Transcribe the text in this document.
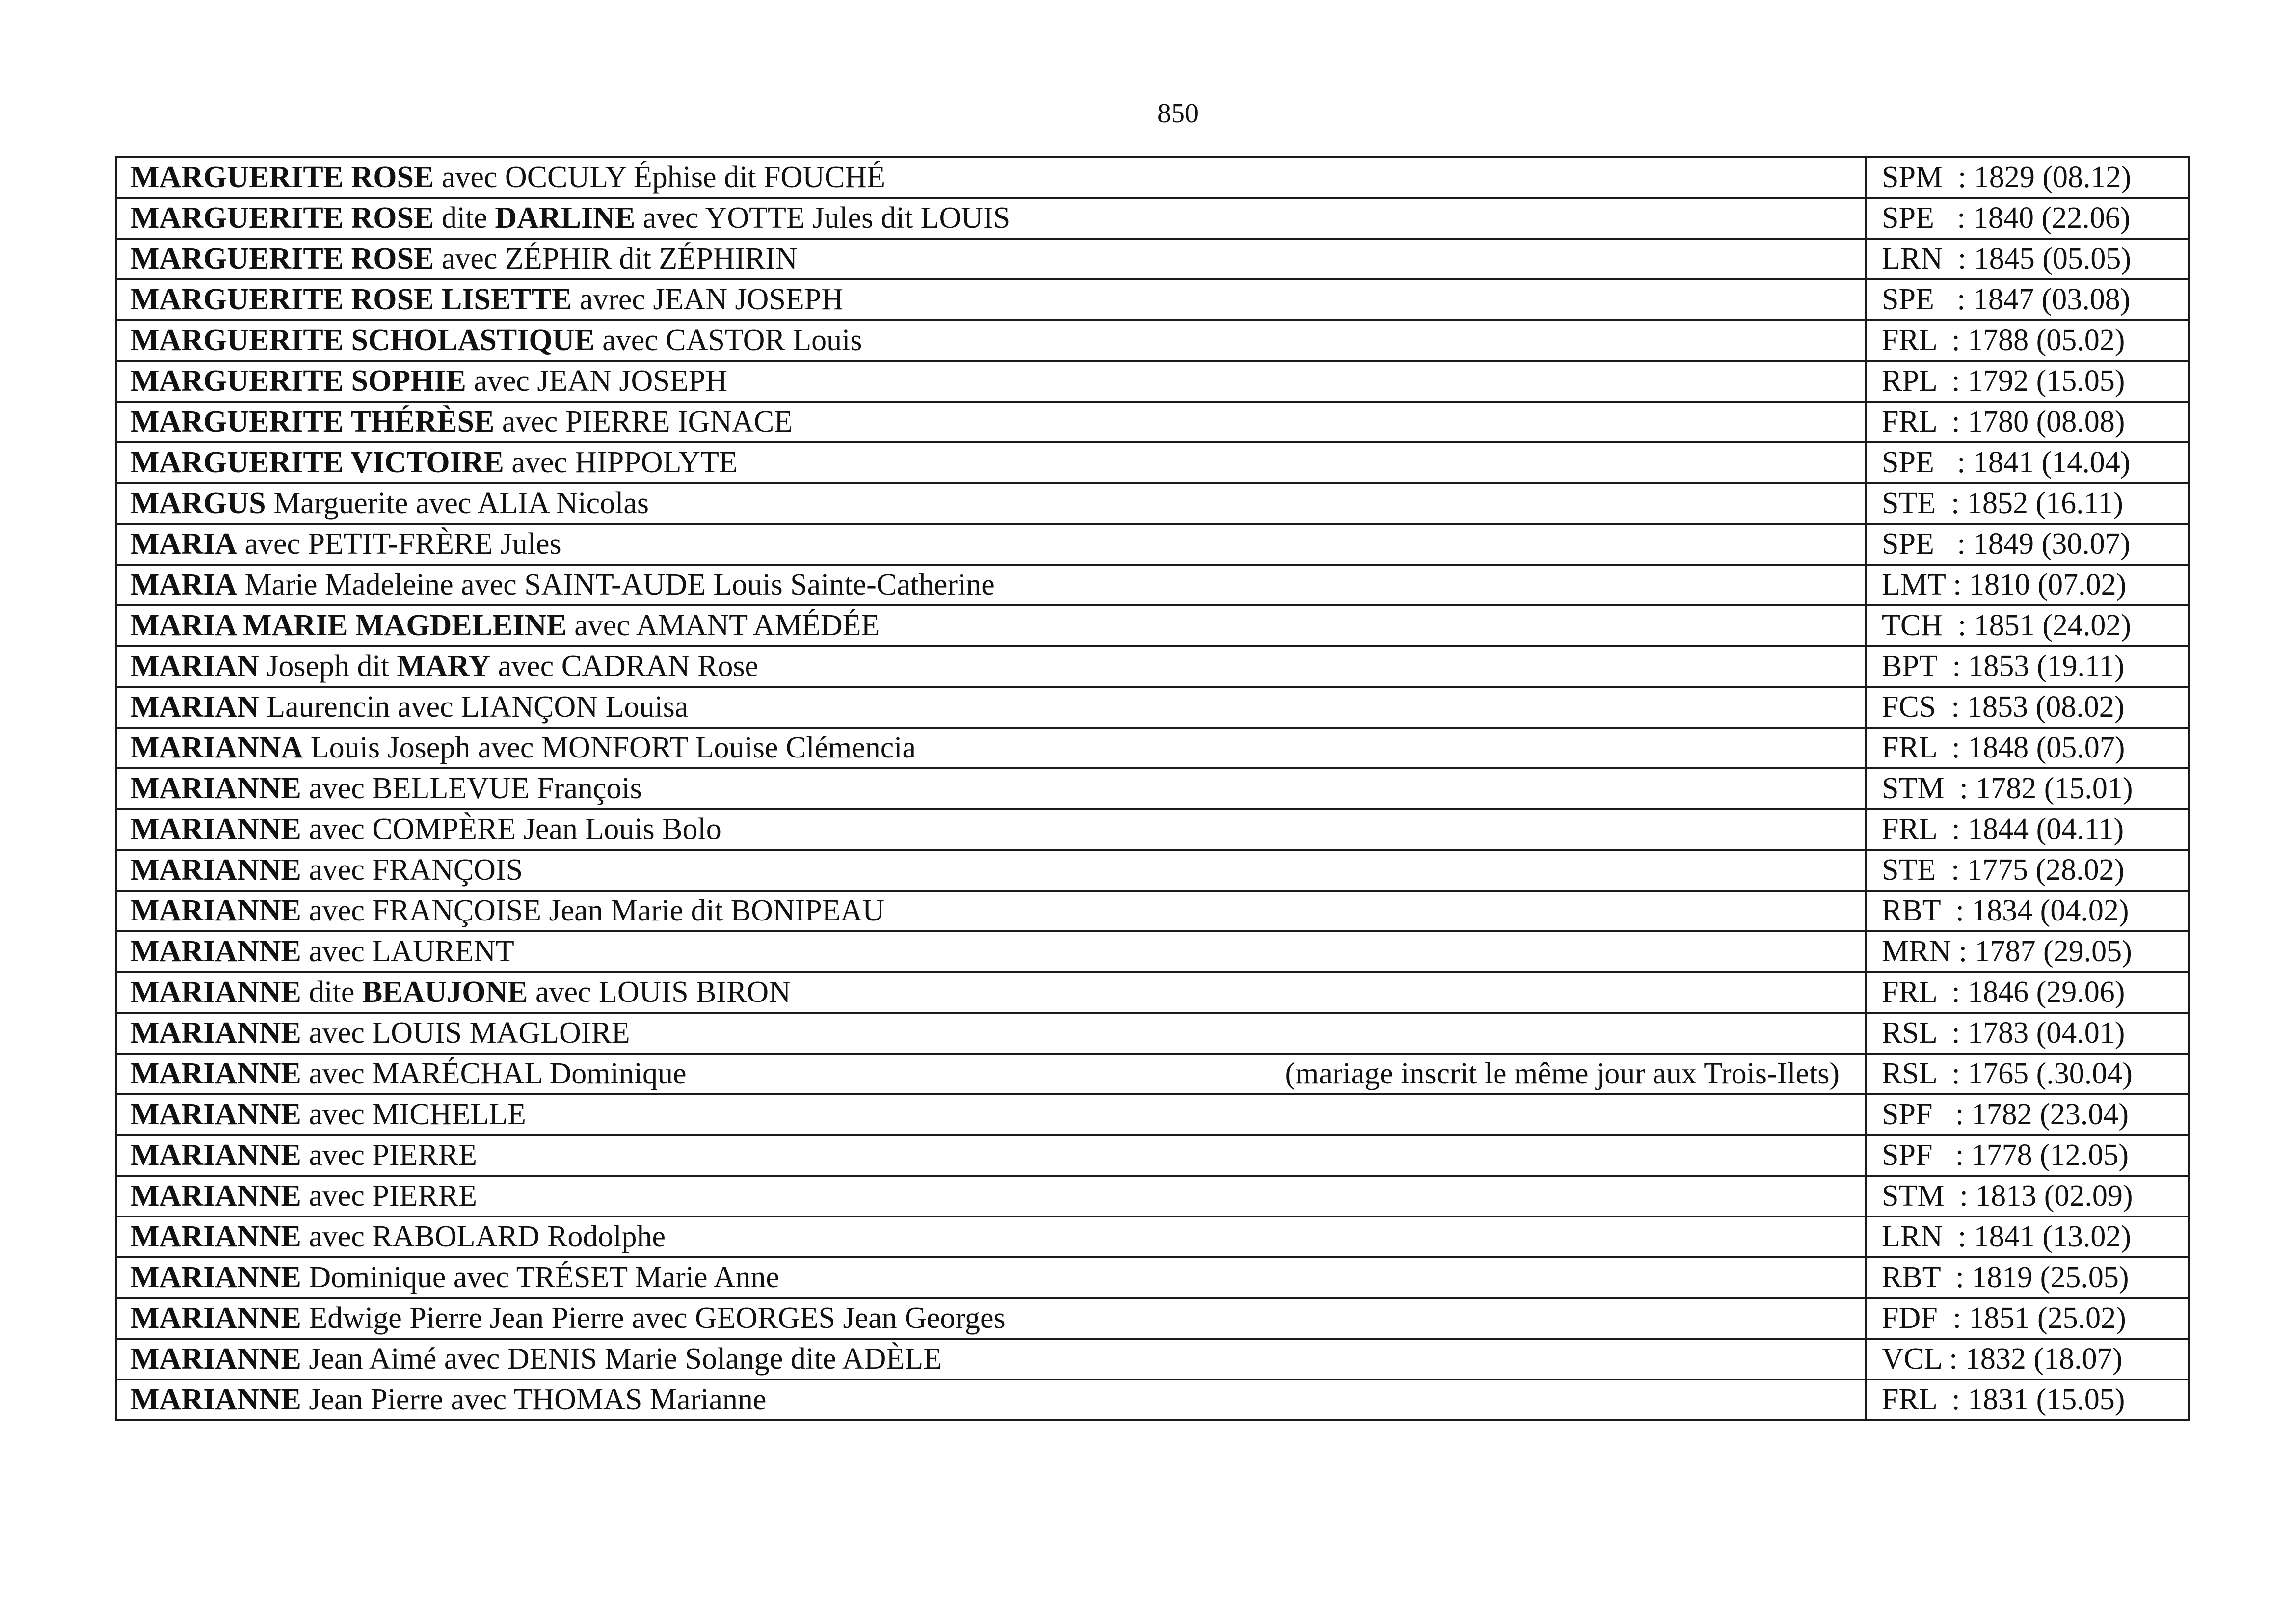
850
MARGUERITE ROSE avec OCCULY Éphise dit FOUCHÉ	SPM  : 1829 (08.12)

MARGUERITE ROSE dite DARLINE avec YOTTE Jules dit LOUIS	SPE   : 1840 (22.06)

MARGUERITE ROSE avec ZÉPHIR dit ZÉPHIRIN	LRN  : 1845 (05.05)

MARGUERITE ROSE LISETTE avrec JEAN JOSEPH	SPE   : 1847 (03.08)

MARGUERITE SCHOLASTIQUE avec CASTOR Louis	FRL  : 1788 (05.02)

MARGUERITE SOPHIE avec JEAN JOSEPH	RPL  : 1792 (15.05)

MARGUERITE THÉRÈSE avec PIERRE IGNACE	FRL  : 1780 (08.08)

MARGUERITE VICTOIRE avec HIPPOLYTE	SPE   : 1841 (14.04)

MARGUS Marguerite avec ALIA Nicolas	STE  : 1852 (16.11)

MARIA avec PETIT-FRÈRE Jules	SPE   : 1849 (30.07)

MARIA Marie Madeleine avec SAINT-AUDE Louis Sainte-Catherine	LMT : 1810 (07.02)

MARIA MARIE MAGDELEINE avec AMANT AMÉDÉE	TCH  : 1851 (24.02)

MARIAN Joseph dit MARY avec CADRAN Rose	BPT  : 1853 (19.11)

MARIAN Laurencin avec LIANÇON Louisa	FCS  : 1853 (08.02)

MARIANNA Louis Joseph avec MONFORT Louise Clémencia	FRL  : 1848 (05.07)

MARIANNE avec BELLEVUE François	STM  : 1782 (15.01)

MARIANNE avec COMPÈRE Jean Louis Bolo	FRL  : 1844 (04.11)

MARIANNE avec FRANÇOIS	STE  : 1775 (28.02)

MARIANNE avec FRANÇOISE Jean Marie dit BONIPEAU	RBT  : 1834 (04.02)

MARIANNE avec LAURENT	MRN : 1787 (29.05)

MARIANNE dite BEAUJONE avec LOUIS BIRON	FRL  : 1846 (29.06)

MARIANNE avec LOUIS MAGLOIRE	RSL  : 1783 (04.01)

MARIANNE avec MARÉCHAL Dominique (mariage inscrit le même jour aux Trois-Ilets)	RSL  : 1765 (.30.04)

MARIANNE avec MICHELLE	SPF   : 1782 (23.04)

MARIANNE avec PIERRE	SPF   : 1778 (12.05)

MARIANNE avec PIERRE	STM  : 1813 (02.09)

MARIANNE avec RABOLARD Rodolphe	LRN  : 1841 (13.02)

MARIANNE Dominique avec TRÉSET Marie Anne	RBT  : 1819 (25.05)

MARIANNE Edwige Pierre Jean Pierre avec GEORGES Jean Georges	FDF  : 1851 (25.02)

MARIANNE Jean Aimé avec DENIS Marie Solange dite ADÈLE	VCL : 1832 (18.07)

MARIANNE Jean Pierre avec THOMAS Marianne	FRL  : 1831 (15.05)
